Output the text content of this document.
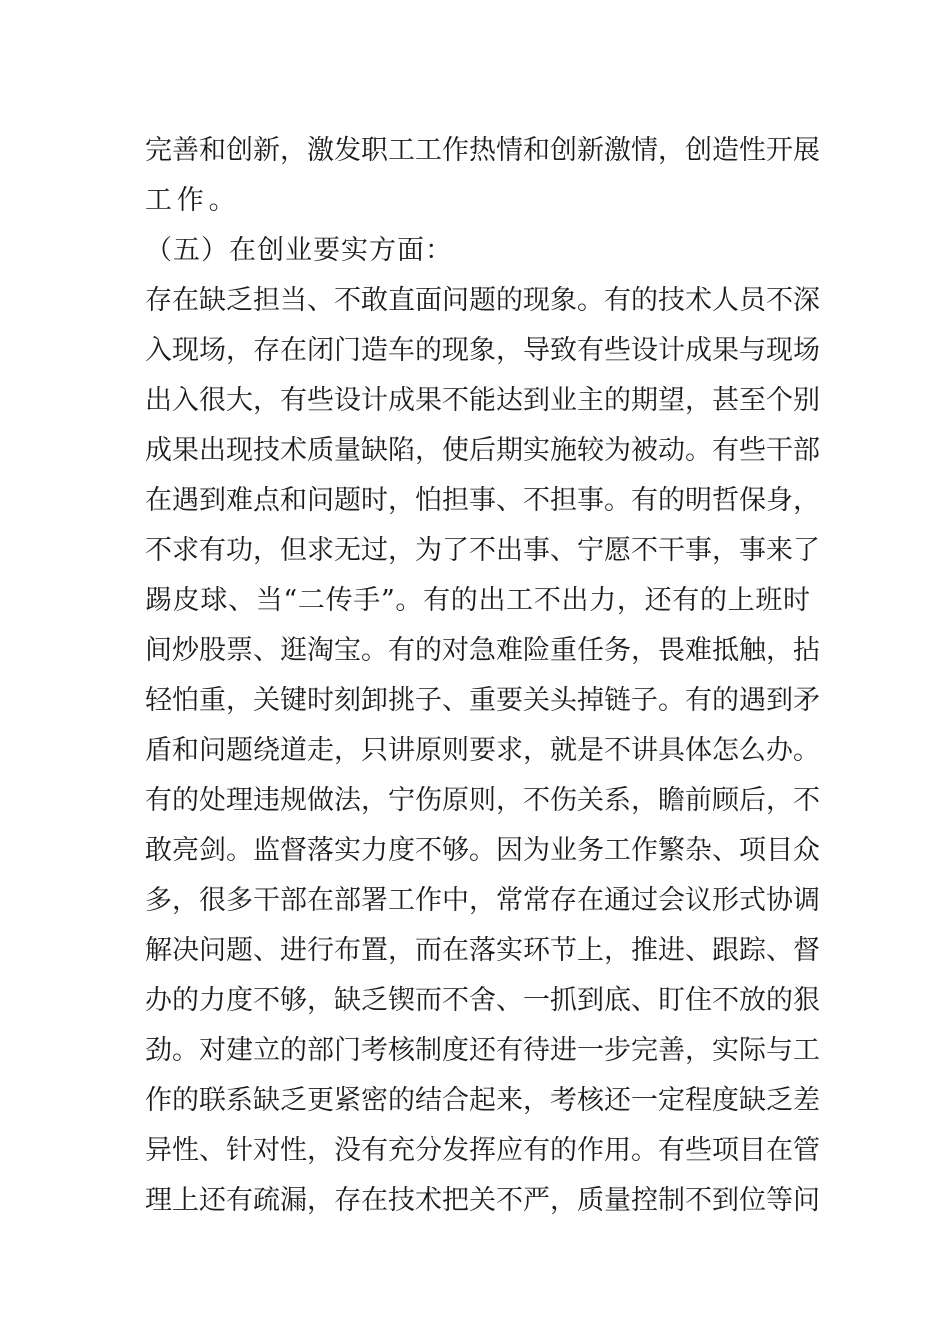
完善和创新，激发职工工作热情和创新激情，创造性开展
工作。
（五）在创业要实方面：
存在缺乏担当、不敢直面问题的现象。有的技术人员不深
入现场，存在闭门造车的现象，导致有些设计成果与现场
出入很大，有些设计成果不能达到业主的期望，甚至个别
成果出现技术质量缺陷，使后期实施较为被动。有些干部
在遇到难点和问题时，怕担事、不担事。有的明哲保身，
不求有功，但求无过，为了不出事、宁愿不干事，事来了
踢皮球、当“二传手”。有的出工不出力，还有的上班时
间炒股票、逛淘宝。有的对急难险重任务，畏难抵触，拈
轻怕重，关键时刻卸挑子、重要关头掉链子。有的遇到矛
盾和问题绕道走，只讲原则要求，就是不讲具体怎么办。
有的处理违规做法，宁伤原则，不伤关系，瞻前顾后，不
敢亮剑。监督落实力度不够。因为业务工作繁杂、项目众
多，很多干部在部署工作中，常常存在通过会议形式协调
解决问题、进行布置，而在落实环节上，推进、跟踪、督
办的力度不够，缺乏锲而不舍、一抓到底、盯住不放的狠
劲。对建立的部门考核制度还有待进一步完善，实际与工
作的联系缺乏更紧密的结合起来，考核还一定程度缺乏差
异性、针对性，没有充分发挥应有的作用。有些项目在管
理上还有疏漏，存在技术把关不严，质量控制不到位等问
